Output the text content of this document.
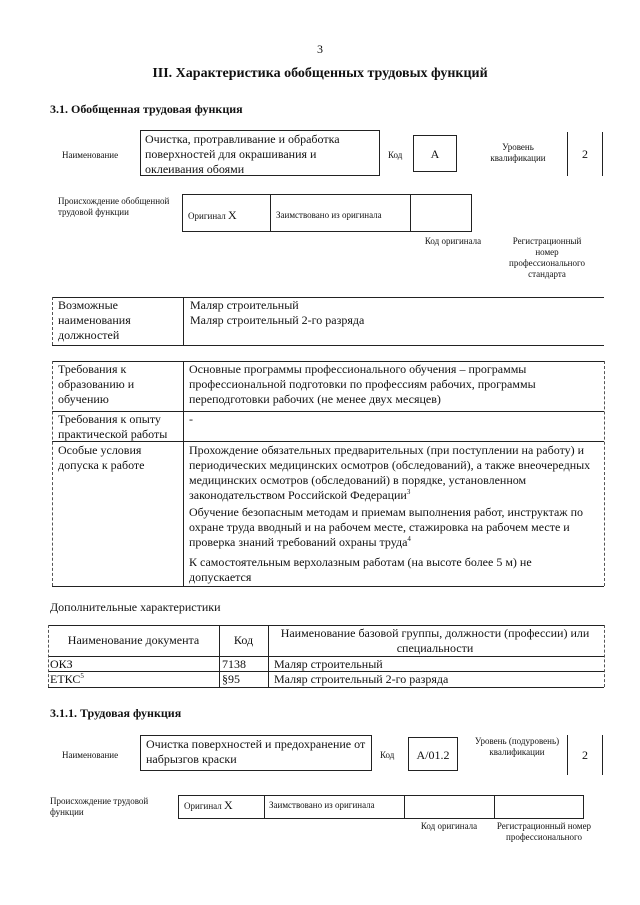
3
III. Характеристика обобщенных трудовых функций
3.1. Обобщенная трудовая функция
Наименование
Очистка, протравливание и обработка поверхностей для окрашивания и оклеивания обоями
Код	А	Уровень квалификации	2
Происхождение обобщенной трудовой функции	Оригинал X	Заимствовано из оригинала
Код оригинала	Регистрационный номер профессионального стандарта
Возможные наименования должностей
Маляр строительный
Маляр строительный 2-го разряда
Требования к образованию и обучению
Основные программы профессионального обучения – программы профессиональной подготовки по профессиям рабочих, программы переподготовки рабочих (не менее двух месяцев)
Требования к опыту практической работы
-
Особые условия допуска к работе
Прохождение обязательных предварительных (при поступлении на работу) и периодических медицинских осмотров (обследований), а также внеочередных медицинских осмотров (обследований) в порядке, установленном законодательством Российской Федерации$^3$
Обучение безопасным методам и приемам выполнения работ, инструктаж по охране труда вводный и на рабочем месте, стажировка на рабочем месте и проверка знаний требований охраны труда$^4$
К самостоятельным верхолазным работам (на высоте более 5 м) не допускается
Дополнительные характеристики
Наименование документа	Код	Наименование базовой группы, должности (профессии) или специальности
ОКЗ	7138 Маляр строительный
ЕТКС$^5$	§95	Маляр строительный 2-го разряда
3.1.1. Трудовая функция
Наименование
Очистка поверхностей и предохранение от набрызгов краски	Код	А/01.2
Уровень (подуровень) квалификации	2
Происхождение трудовой функции
Оригинал X	Заимствовано из оригинала
Код оригинала	Регистрационный номер профессионального
